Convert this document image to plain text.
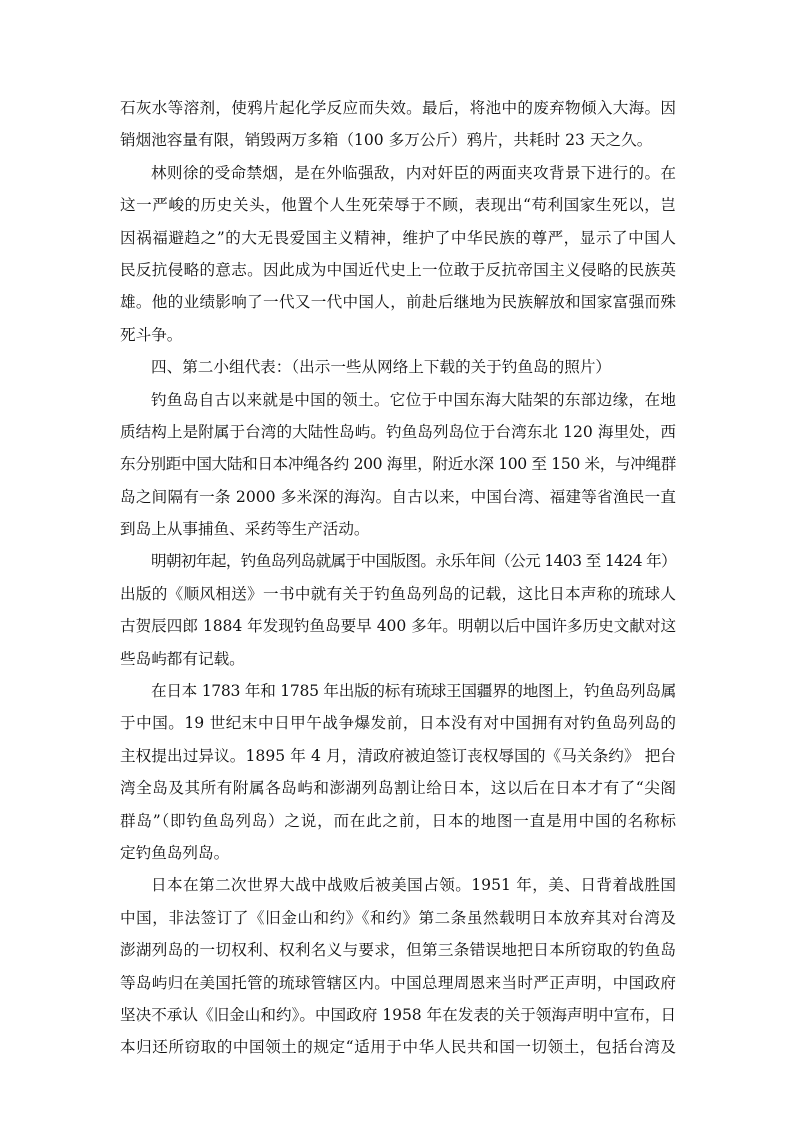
石灰水等溶剂，使鸦片起化学反应而失效。最后，将池中的废弃物倾入大海。因
销烟池容量有限，销毁两万多箱（100 多万公斤）鸦片，共耗时 23 天之久。
林则徐的受命禁烟，是在外临强敌，内对奸臣的两面夹攻背景下进行的。在
这一严峻的历史关头，他置个人生死荣辱于不顾，表现出“苟利国家生死以，岂
因祸福避趋之”的大无畏爱国主义精神，维护了中华民族的尊严，显示了中国人
民反抗侵略的意志。因此成为中国近代史上一位敢于反抗帝国主义侵略的民族英
雄。他的业绩影响了一代又一代中国人，前赴后继地为民族解放和国家富强而殊
死斗争。
四、第二小组代表：（出示一些从网络上下载的关于钓鱼岛的照片）
钓鱼岛自古以来就是中国的领土。它位于中国东海大陆架的东部边缘，在地
质结构上是附属于台湾的大陆性岛屿。钓鱼岛列岛位于台湾东北 120 海里处，西
东分别距中国大陆和日本冲绳各约 200 海里，附近水深 100 至 150 米，与冲绳群
岛之间隔有一条 2000 多米深的海沟。自古以来，中国台湾、福建等省渔民一直
到岛上从事捕鱼、采药等生产活动。
明朝初年起，钓鱼岛列岛就属于中国版图。永乐年间（公元 1403 至 1424 年）
出版的《顺风相送》一书中就有关于钓鱼岛列岛的记载，这比日本声称的琉球人
古贺辰四郎 1884 年发现钓鱼岛要早 400 多年。明朝以后中国许多历史文献对这
些岛屿都有记载。
在日本 1783 年和 1785 年出版的标有琉球王国疆界的地图上，钓鱼岛列岛属
于中国。19 世纪末中日甲午战争爆发前，日本没有对中国拥有对钓鱼岛列岛的
主权提出过异议。1895 年 4 月，清政府被迫签订丧权辱国的《马关条约》 把台
湾全岛及其所有附属各岛屿和澎湖列岛割让给日本，这以后在日本才有了“尖阁
群岛”（即钓鱼岛列岛）之说，而在此之前，日本的地图一直是用中国的名称标
定钓鱼岛列岛。
日本在第二次世界大战中战败后被美国占领。1951 年，美、日背着战胜国
中国，非法签订了《旧金山和约》《和约》第二条虽然载明日本放弃其对台湾及
澎湖列岛的一切权利、权利名义与要求，但第三条错误地把日本所窃取的钓鱼岛
等岛屿归在美国托管的琉球管辖区内。中国总理周恩来当时严正声明，中国政府
坚决不承认《旧金山和约》。中国政府 1958 年在发表的关于领海声明中宣布，日
本归还所窃取的中国领土的规定“适用于中华人民共和国一切领土，包括台湾及
